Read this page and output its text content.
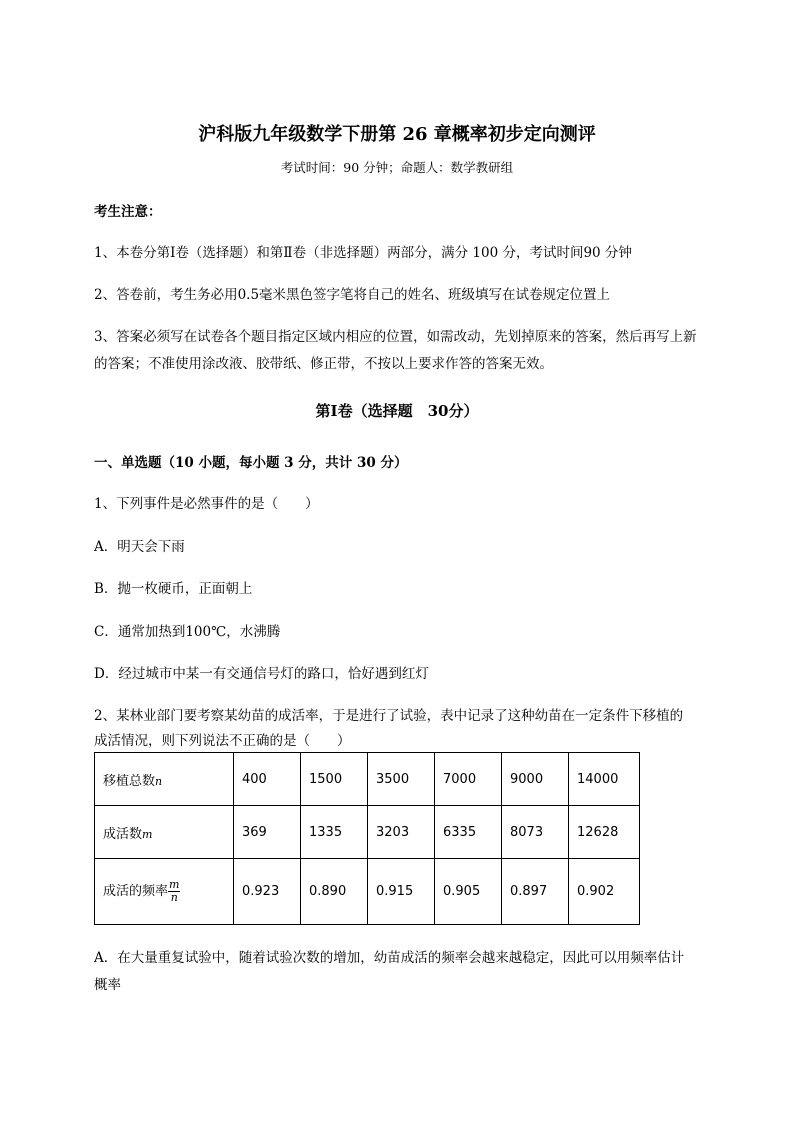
沪科版九年级数学下册第 26 章概率初步定向测评
考试时间：90 分钟；命题人：数学教研组
考生注意：
1、本卷分第Ⅰ卷（选择题）和第Ⅱ卷（非选择题）两部分，满分 100 分，考试时间90 分钟
2、答卷前，考生务必用0.5毫米黑色签字笔将自己的姓名、班级填写在试卷规定位置上
3、答案必须写在试卷各个题目指定区域内相应的位置，如需改动，先划掉原来的答案，然后再写上新
的答案；不准使用涂改液、胶带纸、修正带，不按以上要求作答的答案无效。
第Ⅰ卷（选择题　30分）
一、单选题（10 小题，每小题 3 分，共计 30 分）
1、下列事件是必然事件的是（　　）
A．明天会下雨
B．抛一枚硬币，正面朝上
C．通常加热到100℃，水沸腾
D．经过城市中某一有交通信号灯的路口，恰好遇到红灯
2、某林业部门要考察某幼苗的成活率，于是进行了试验，表中记录了这种幼苗在一定条件下移植的
成活情况，则下列说法不正确的是（　　）
移植总数n	400	1500	3500	7000	9000	14000
成活数m	369	1335	3203	6335	8073	12628
成活的频率 $\frac{m}{n}$	0.923	0.890	0.915	0.905	0.897	0.902
A．在大量重复试验中，随着试验次数的增加，幼苗成活的频率会越来越稳定，因此可以用频率估计
概率
